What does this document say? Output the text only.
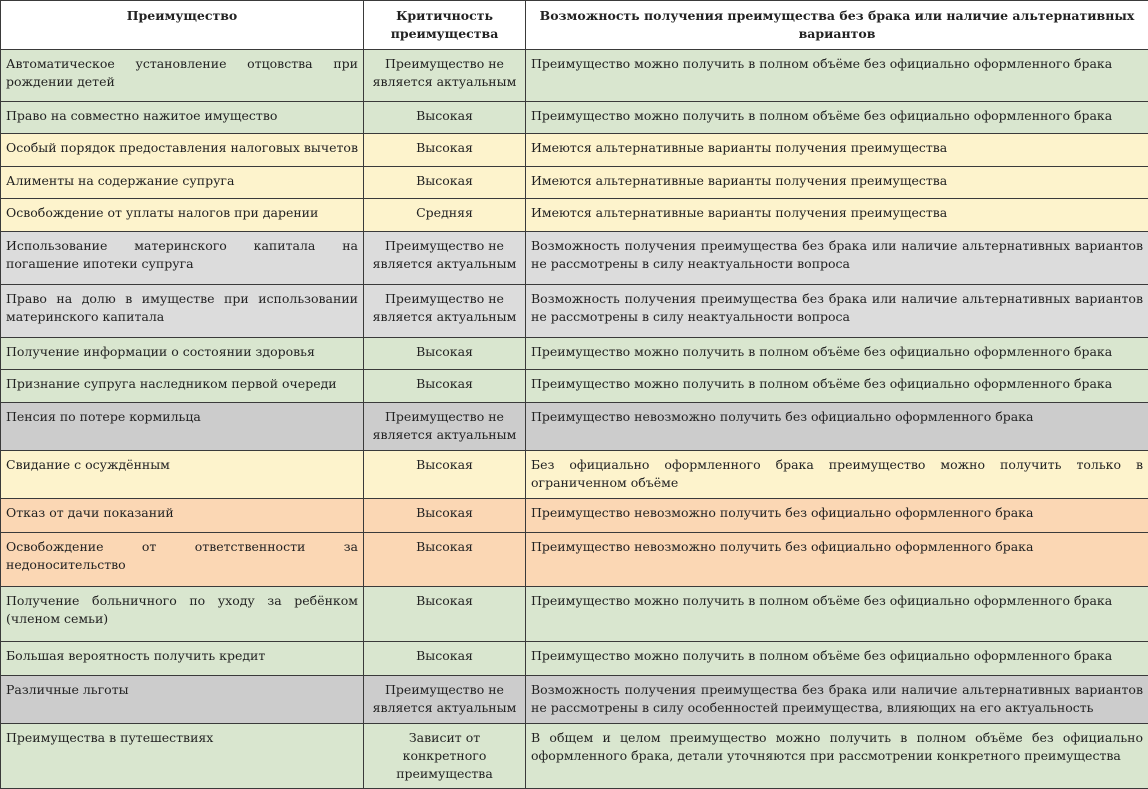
Преимущество	Критичность преимущества	Возможность получения преимущества без брака или наличие альтернативных вариантов
Автоматическое установление отцовства при рождении детей	Преимущество не является актуальным	Преимущество можно получить в полном объёме без официально оформленного брака
Право на совместно нажитое имущество	Высокая	Преимущество можно получить в полном объёме без официально оформленного брака
Особый порядок предоставления налоговых вычетов	Высокая	Имеются альтернативные варианты получения преимущества
Алименты на содержание супруга	Высокая	Имеются альтернативные варианты получения преимущества
Освобождение от уплаты налогов при дарении	Средняя	Имеются альтернативные варианты получения преимущества
Использование материнского капитала на погашение ипотеки супруга	Преимущество не является актуальным	Возможность получения преимущества без брака или наличие альтернативных вариантов не рассмотрены в силу неактуальности вопроса
Право на долю в имуществе при использовании материнского капитала	Преимущество не является актуальным	Возможность получения преимущества без брака или наличие альтернативных вариантов не рассмотрены в силу неактуальности вопроса
Получение информации о состоянии здоровья	Высокая	Преимущество можно получить в полном объёме без официально оформленного брака
Признание супруга наследником первой очереди	Высокая	Преимущество можно получить в полном объёме без официально оформленного брака
Пенсия по потере кормильца	Преимущество не является актуальным	Преимущество невозможно получить без официально оформленного брака
Свидание с осуждённым	Высокая	Без официально оформленного брака преимущество можно получить только в ограниченном объёме
Отказ от дачи показаний	Высокая	Преимущество невозможно получить без официально оформленного брака
Освобождение от ответственности за недоносительство	Высокая	Преимущество невозможно получить без официально оформленного брака
Получение больничного по уходу за ребёнком (членом семьи)	Высокая	Преимущество можно получить в полном объёме без официально оформленного брака
Большая вероятность получить кредит	Высокая	Преимущество можно получить в полном объёме без официально оформленного брака
Различные льготы	Преимущество не является актуальным	Возможность получения преимущества без брака или наличие альтернативных вариантов не рассмотрены в силу особенностей преимущества, влияющих на его актуальность
Преимущества в путешествиях	Зависит от конкретного преимущества	В общем и целом преимущество можно получить в полном объёме без официально оформленного брака, детали уточняются при рассмотрении конкретного преимущества
